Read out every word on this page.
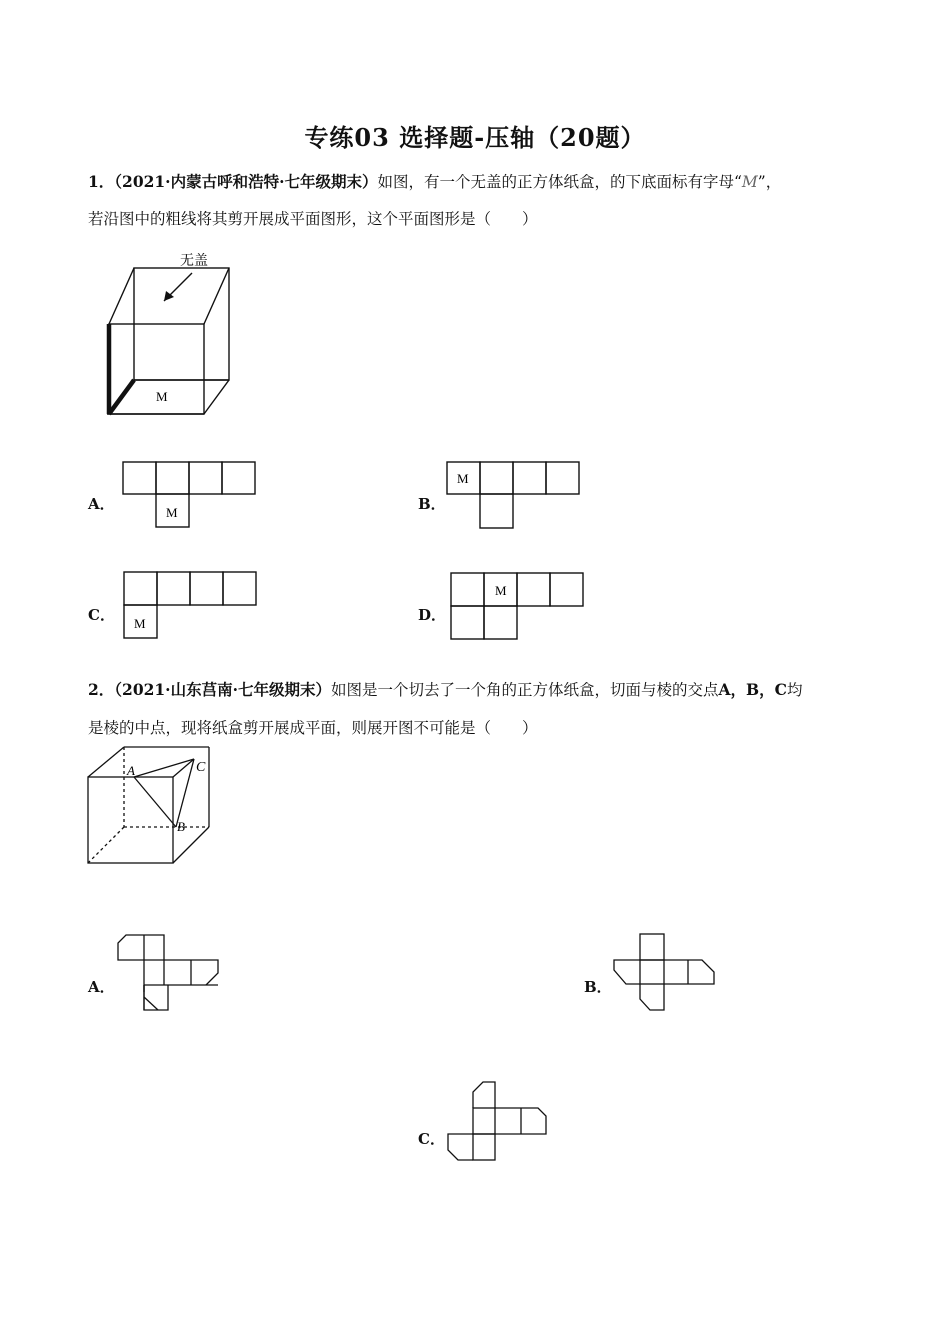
专练03 选择题-压轴（20题）
1．（2021·内蒙古呼和浩特·七年级期末）如图，有一个无盖的正方体纸盒，的下底面标有字母“M”，
若沿图中的粗线将其剪开展成平面图形，这个平面图形是（　　）
无盖
M
A．	M	B．
M
C． M	D．
M
2．（2021·山东莒南·七年级期末）如图是一个切去了一个角的正方体纸盒，切面与棱的交点A，B，C均
是棱的中点，现将纸盒剪开展成平面，则展开图不可能是（　　）
A	C
B
A．	B．
C．
